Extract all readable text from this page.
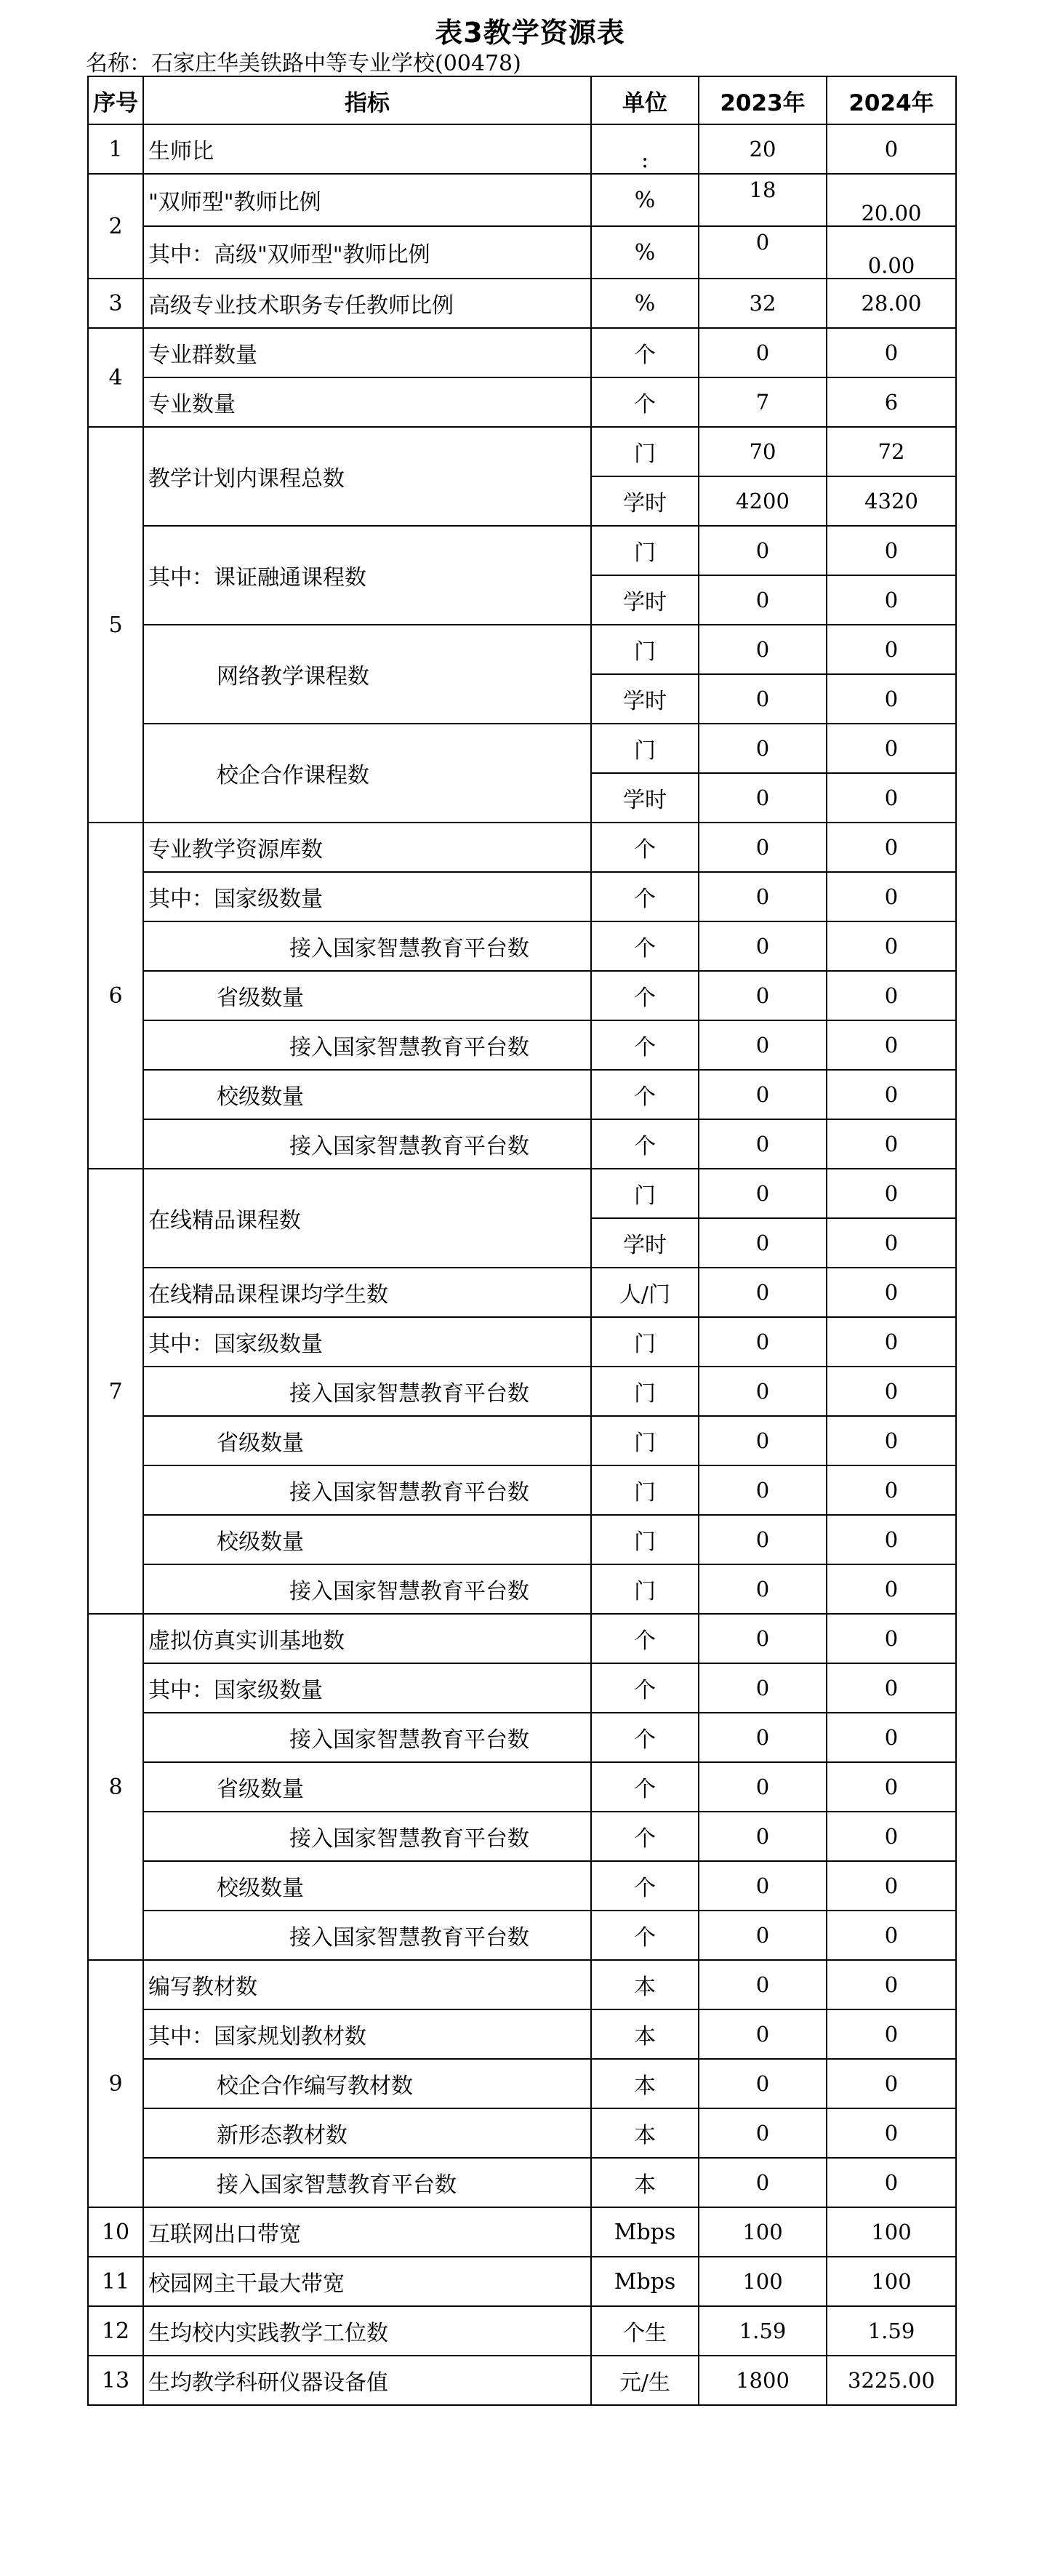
表3教学资源表
名称：石家庄华美铁路中等专业学校(00478)
序号	指标	单位	2023年	2024年
1	生师比	:	20	0
2	"双师型"教师比例	%	18	20.00
	其中：高级"双师型"教师比例	%	0	0.00
3	高级专业技术职务专任教师比例	%	32	28.00
4	专业群数量	个	0	0
	专业数量	个	7	6
5	教学计划内课程总数	门	70	72
		学时	4200	4320
	其中：课证融通课程数	门	0	0
		学时	0	0
	网络教学课程数	门	0	0
		学时	0	0
	校企合作课程数	门	0	0
		学时	0	0
6	专业教学资源库数	个	0	0
	其中：国家级数量	个	0	0
	接入国家智慧教育平台数	个	0	0
	省级数量	个	0	0
	接入国家智慧教育平台数	个	0	0
	校级数量	个	0	0
	接入国家智慧教育平台数	个	0	0
7	在线精品课程数	门	0	0
		学时	0	0
	在线精品课程课均学生数	人/门	0	0
	其中：国家级数量	门	0	0
	接入国家智慧教育平台数	门	0	0
	省级数量	门	0	0
	接入国家智慧教育平台数	门	0	0
	校级数量	门	0	0
	接入国家智慧教育平台数	门	0	0
8	虚拟仿真实训基地数	个	0	0
	其中：国家级数量	个	0	0
	接入国家智慧教育平台数	个	0	0
	省级数量	个	0	0
	接入国家智慧教育平台数	个	0	0
	校级数量	个	0	0
	接入国家智慧教育平台数	个	0	0
9	编写教材数	本	0	0
	其中：国家规划教材数	本	0	0
	校企合作编写教材数	本	0	0
	新形态教材数	本	0	0
	接入国家智慧教育平台数	本	0	0
10	互联网出口带宽	Mbps	100	100
11	校园网主干最大带宽	Mbps	100	100
12	生均校内实践教学工位数	个生	1.59	1.59
13	生均教学科研仪器设备值	元/生	1800	3225.00
